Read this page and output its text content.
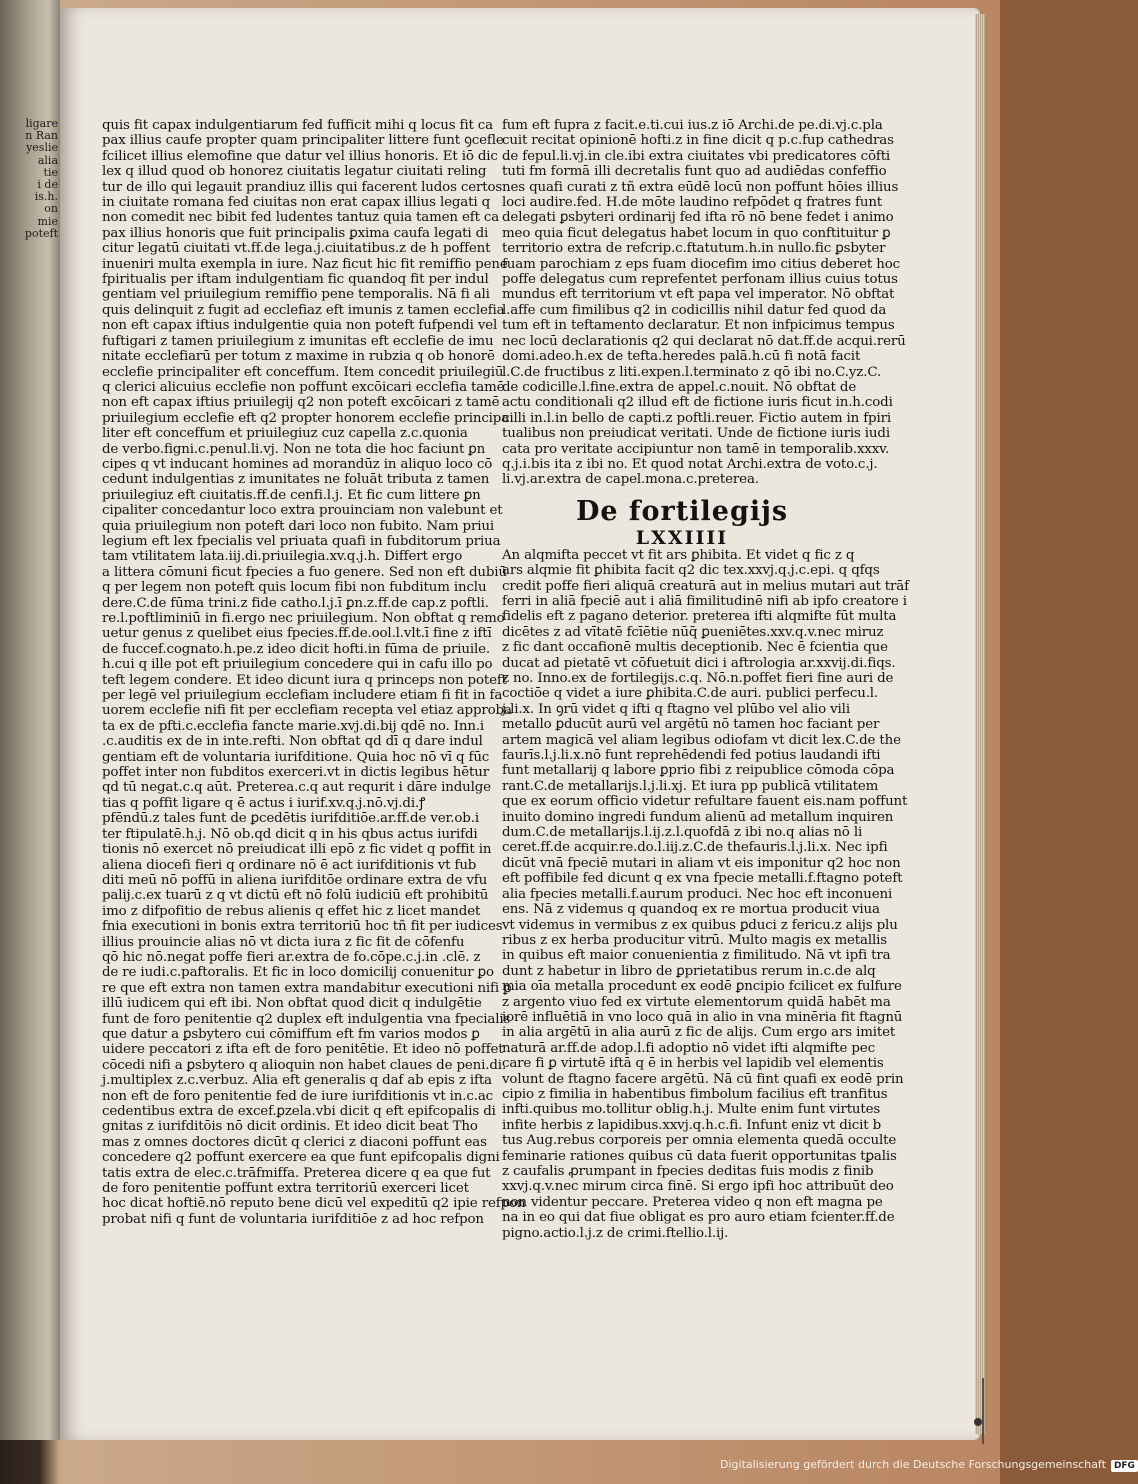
ligare
n Ran
yeslie
alia
tie
i de
is.h.
on
mie
poteft
quis fit capax indulgentiarum fed fufficit mihi q locus fit ca
pax illius caufe propter quam principaliter littere funt ꝯcefle
fcilicet illius elemofine que datur vel illius honoris. Et iō dic
lex q illud quod ob honorez ciuitatis legatur ciuitati reling
tur de illo qui legauit prandiuz illis qui facerent ludos certos
in ciuitate romana fed ciuitas non erat capax illius legati q
non comedit nec bibit fed ludentes tantuz quia tamen eft ca
pax illius honoris que fuit principalis ꝑxima caufa legati di
citur legatū ciuitati vt.ff.de lega.j.ciuitatibus.z de h poffent
inueniri multa exempla in iure. Naz ficut hic fit remiffio pene
fpiritualis per iftam indulgentiam fic quandoq fit per indul
gentiam vel priuilegium remiffio pene temporalis. Nā fi ali
quis delinquit z fugit ad ecclefiaz eft imunis z tamen ecclefia
non eft capax iftius indulgentie quia non poteft fufpendi vel
fuftigari z tamen priuilegium z imunitas eft ecclefie de imu
nitate ecclefiarū per totum z maxime in rubzia q ob honorē
ecclefie principaliter eft conceffum. Item concedit priuilegiū
q clerici alicuius ecclefie non poffunt excōicari ecclefia tamē
non eft capax iftius priuilegij q2 non poteft excōicari z tamē
priuilegium ecclefie eft q2 propter honorem ecclefie principa
liter eft conceffum et priuilegiuz cuz capella z.c.quonia
de verbo.figni.c.penul.li.vj. Non ne tota die hoc faciunt ꝑn
cipes q vt inducant homines ad morandūz in aliquo loco cō
cedunt indulgentias z imunitates ne foluāt tributa z tamen
priuilegiuz eft ciuitatis.ff.de cenfi.l.j. Et fic cum littere ꝑn
cipaliter concedantur loco extra prouinciam non valebunt et
quia priuilegium non poteft dari loco non fubito. Nam priui
legium eft lex fpecialis vel priuata quafi in fubditorum priua
tam vtilitatem lata.iij.di.priuilegia.xv.q.j.h. Differt ergo
a littera cōmuni ficut fpecies a fuo genere. Sed non eft dubiū
q per legem non poteft quis locum fibi non fubditum inclu
dere.C.de fūma trini.z fide catho.l.j.ī ꝑn.z.ff.de cap.z poftli.
re.l.poftliminiū in fi.ergo nec priuilegium. Non obftat q remo
uetur genus z quelibet eius fpecies.ff.de.ool.l.vlt.ī fine z iftī
de fuccef.cognato.h.pe.z ideo dicit hofti.in fūma de priuile.
h.cui q ille pot eft priuilegium concedere qui in cafu illo po
teft legem condere. Et ideo dicunt iura q princeps non poteft
per legē vel priuilegium ecclefiam includere etiam fi fit in fa
uorem ecclefie nifi fit per ecclefiam recepta vel etiaz approba
ta ex de pfti.c.ecclefia fancte marie.xvj.di.bij qdē no. Inn.i
.c.auditis ex de in inte.refti. Non obftat qd dī q dare indul
gentiam eft de voluntaria iurifditione. Quia hoc nō vī q fūc
poffet inter non fubditos exerceri.vt in dictis legibus hētur
qd tū negat.c.q aūt. Preterea.c.q aut requrit i dāre indulge
tias q poffit ligare q ē actus i iurif.xv.q.j.nō.vj.di.ꝭ
pfēndū.z tales funt de ꝑcedētis iurifditiōe.ar.ff.de ver.ob.i
ter ftipulatē.h.j. Nō ob.qd dicit q in his qbus actus iurifdi
tionis nō exercet nō preiudicat illi epō z fic videt q poffit in
aliena diocefi fieri q ordinare nō ē act iurifditionis vt fub
diti meū nō poffū in aliena iurifditōe ordinare extra de vfu
palij.c.ex tuarū z q vt dictū eft nō folū iudiciū eft prohibitū
imo z difpofitio de rebus alienis q effet hic z licet mandet
fnia executioni in bonis extra territoriū hoc tñ fit per iudices
illius prouincie alias nō vt dicta iura z fic fit de cōfenfu
qō hic nō.negat poffe fieri ar.extra de fo.cōpe.c.j.in .clē. z
de re iudi.c.paftoralis. Et fic in loco domicilij conuenitur ꝑo
re que eft extra non tamen extra mandabitur executioni nifi ꝑ
illū iudicem qui eft ibi. Non obftat quod dicit q indulgētie
funt de foro penitentie q2 duplex eft indulgentia vna fpecialis
que datur a ꝑsbytero cui cōmiffum eft fm varios modos ꝑ
uidere peccatori z ifta eft de foro penitētie. Et ideo nō poffet
cōcedi nifi a ꝑsbytero q alioquin non habet claues de peni.di.
j.multiplex z.c.verbuz. Alia eft generalis q daf ab epis z ifta
non eft de foro penitentie fed de iure iurifditionis vt in.c.ac
cedentibus extra de excef.ꝑzela.vbi dicit q eft epifcopalis di
gnitas z iurifditōis nō dicit ordinis. Et ideo dicit beat Tho
mas z omnes doctores dicūt q clerici z diaconi poffunt eas
concedere q2 poffunt exercere ea que funt epifcopalis digni
tatis extra de elec.c.trāfmiffa. Preterea dicere q ea que fut
de foro penitentie poffunt extra territoriū exerceri licet
hoc dicat hoftiē.nō reputo bene dicū vel expeditū q2 ipie refpon
probat nifi q funt de voluntaria iurifditiōe z ad hoc refpon
fum eft fupra z facit.e.ti.cui ius.z iō Archi.de pe.di.vj.c.pla
cuit recitat opinionē hofti.z in fine dicit q p.c.fup cathedras
de fepul.li.vj.in cle.ibi extra ciuitates vbi predicatores cōfti
tuti fm formā illi decretalis funt quo ad audiēdas confeffio
nes quafi curati z tñ extra eūdē locū non poffunt hōies illius
loci audire.fed. H.de mōte laudino refpōdet q fratres funt
delegati ꝑsbyteri ordinarij fed ifta rō nō bene fedet i animo
meo quia ficut delegatus habet locum in quo conftituitur ꝑ
territorio extra de refcrip.c.ftatutum.h.in nullo.fic ꝑsbyter
fuam parochiam z eps fuam diocefim imo citius deberet hoc
poffe delegatus cum reprefentet perfonam illius cuius totus
mundus eft territorium vt eft papa vel imperator. Nō obftat
l.affe cum fimilibus q2 in codicillis nihil datur fed quod da
tum eft in teftamento declaratur. Et non infpicimus tempus
nec locū declarationis q2 qui declarat nō dat.ff.de acqui.rerū
domi.adeo.h.ex de tefta.heredes palā.h.cū fi notā facit
l.C.de fructibus z liti.expen.l.terminato z qō ibi no.C.yz.C.
de codicille.l.fine.extra de appel.c.nouit. Nō obftat de
actu conditionali q2 illud eft de fictione iuris ficut in.h.codi
cilli in.l.in bello de capti.z poftli.reuer. Fictio autem in fpiri
tualibus non preiudicat veritati. Unde de fictione iuris iudi
cata pro veritate accipiuntur non tamē in temporalib.xxxv.
q.j.i.bis ita z ibi no. Et quod notat Archi.extra de voto.c.j.
li.vj.ar.extra de capel.mona.c.preterea.
De fortilegijs
LXXIIII
An alqmifta peccet vt fit ars ꝑhibita. Et videt q fic z q
ars alqmie fit ꝑhibita facit q2 dic tex.xxvj.q.j.c.epi. q qfqs
credit poffe fieri aliquā creaturā aut in melius mutari aut trāf
ferri in aliā fpeciē aut i aliā fimilitudinē nifi ab ipfo creatore i
fidelis eft z pagano deterior. preterea ifti alqmifte fūt multa
dicētes z ad vītatē fcīētie nūq̄ ꝑueniētes.xxv.q.v.nec miruz
z fic dant occafionē multis deceptionib. Nec ē fcientia que
ducat ad pietatē vt cōfuetuit dici i aftrologia ar.xxvij.di.fiqs.
z no. Inno.ex de fortilegijs.c.q. Nō.n.poffet fieri fine auri de
coctiōe q videt a iure ꝑhibita.C.de auri. publici perfecu.l.
j.li.x. In ꝯrū videt q ifti q ftagno vel plūbo vel alio vili
metallo ꝑducūt aurū vel argētū nō tamen hoc faciant per
artem magicā vel aliam legibus odiofam vt dicit lex.C.de the
faurīs.l.j.li.x.nō funt reprehēdendi fed potius laudandi ifti
funt metallarij q labore ꝑprio fibi z reipublice cōmoda cōpa
rant.C.de metallarijs.l.j.li.xj. Et iura pp publicā vtilitatem
que ex eorum officio videtur refultare fauent eis.nam poffunt
inuito domino ingredi fundum alienū ad metallum inquiren
dum.C.de metallarijs.l.ij.z.l.quofdā z ibi no.q alias nō li
ceret.ff.de acquir.re.do.l.iij.z.C.de thefauris.l.j.li.x. Nec ipfi
dicūt vnā fpeciē mutari in aliam vt eis imponitur q2 hoc non
eft poffibile fed dicunt q ex vna fpecie metalli.f.ftagno poteft
alia fpecies metalli.f.aurum produci. Nec hoc eft inconueni
ens. Nā z videmus q quandoq ex re mortua producit viua
vt videmus in vermibus z ex quibus ꝑduci z fericu.z alijs plu
ribus z ex herba producitur vitrū. Multo magis ex metallis
in quibus eft maior conuenientia z fimilitudo. Nā vt ipfi tra
dunt z habetur in libro de ꝑprietatibus rerum in.c.de alq
mia oīa metalla procedunt ex eodē ꝑncipio fcilicet ex fulfure
z argento viuo fed ex virtute elementorum quidā habēt ma
iorē influētiā in vno loco quā in alio in vna minēria fit ftagnū
in alia argētū in alia aurū z fic de alijs. Cum ergo ars imitet
naturā ar.ff.de adop.l.fi adoptio nō videt ifti alqmifte pec
care fi ꝑ virtutē iftā q ē in herbis vel lapidib vel elementis
volunt de ftagno facere argētū. Nā cū fint quafi ex eodē prin
cipio z fimilia in habentibus fimbolum facilius eft tranfitus
infti.quibus mo.tollitur oblig.h.j. Multe enim funt virtutes
infite herbis z lapidibus.xxvj.q.h.c.fi. Infunt eniz vt dicit b
tus Aug.rebus corporeis per omnia elementa quedā occulte
feminarie rationes quibus cū data fuerit opportunitas tꝑalis
z caufalis ꝓrumpant in fpecies deditas fuis modis z finib
xxvj.q.v.nec mirum circa finē. Si ergo ipfi hoc attribuūt deo
non videntur peccare. Preterea video q non eft magna pe
na in eo qui dat fiue obligat es pro auro etiam fcienter.ff.de
pigno.actio.l.j.z de crimi.ftellio.l.ij.
Digitalisierung gefördert durch die Deutsche Forschungsgemeinschaft DFG
